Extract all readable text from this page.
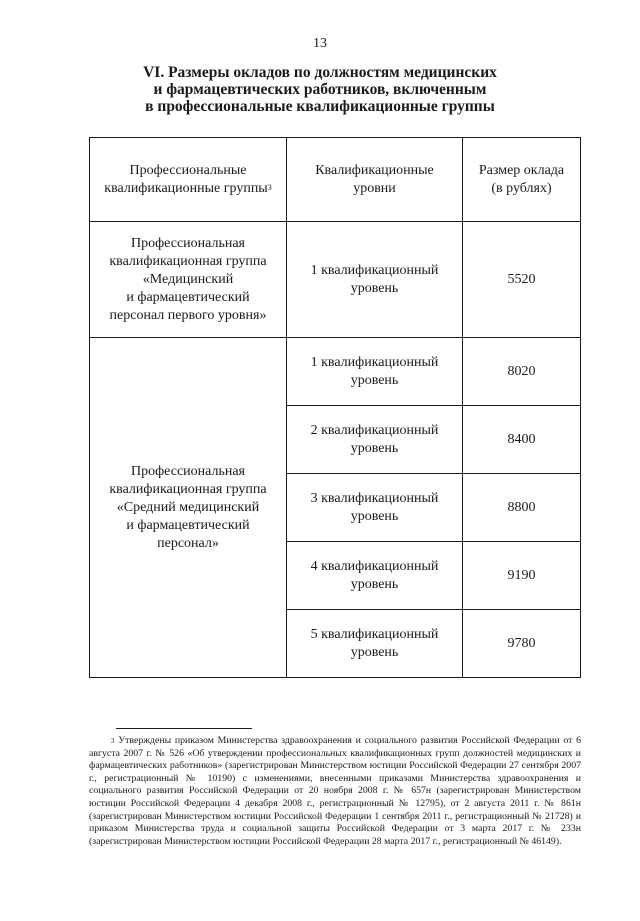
13
VI. Размеры окладов по должностям медицинских
и фармацевтических работников, включенным
в профессиональные квалификационные группы
Профессиональные
квалификационные группы$^3$	Квалификационные
уровни	Размер оклада
(в рублях)
Профессиональная
квалификационная группа
«Медицинский
и фармацевтический
персонал первого уровня»	1 квалификационный
уровень	5520
Профессиональная
квалификационная группа
«Средний медицинский
и фармацевтический
персонал»	1 квалификационный
уровень	8020
	2 квалификационный
уровень	8400
	3 квалификационный
уровень	8800
	4 квалификационный
уровень	9190
	5 квалификационный
уровень	9780
$^3$ Утверждены приказом Министерства здравоохранения и социального развития Российской Федерации от 6 августа 2007 г. № 526 «Об утверждении профессиональных квалификационных групп должностей медицинских и фармацевтических работников» (зарегистрирован Министерством юстиции Российской Федерации 27 сентября 2007 г., регистрационный № 10190) с изменениями, внесенными приказами Министерства здравоохранения и социального развития Российской Федерации от 20 ноября 2008 г. № 657н (зарегистрирован Министерством юстиции Российской Федерации 4 декабря 2008 г., регистрационный № 12795), от 2 августа 2011 г. № 861н (зарегистрирован Министерством юстиции Российской Федерации 1 сентября 2011 г., регистрационный № 21728) и приказом Министерства труда и социальной защиты Российской Федерации от 3 марта 2017 г. № 233н (зарегистрирован Министерством юстиции Российской Федерации 28 марта 2017 г., регистрационный № 46149).
